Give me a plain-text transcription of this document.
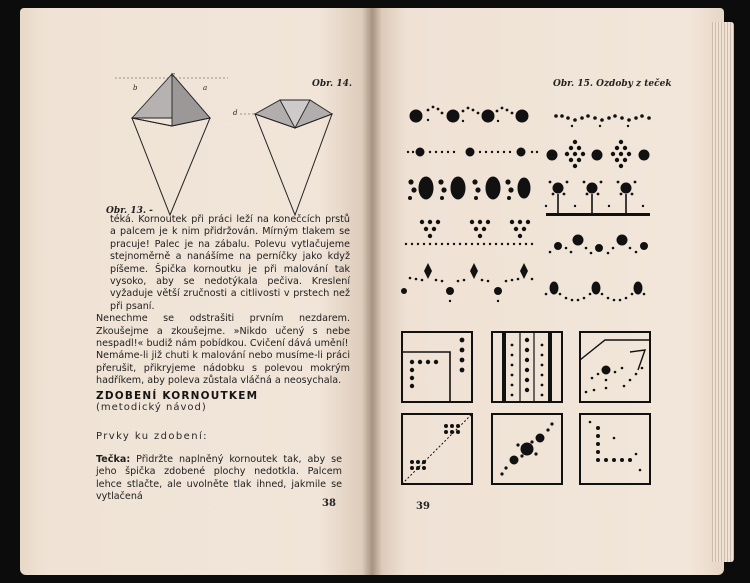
b	a
c
d
Obr. 14.
Obr. 13. -

téká. Kornoutek při práci leží na konečcích prstů a palcem je k nim přidržován. Mírným tlakem se pracuje! Palec je na zábalu. Polevu vytlačujeme stejnoměrně a nanášíme na perníčky jako když píšeme. Špička kornoutku je při malování tak vysoko, aby se nedotýkala pečiva. Kreslení vyžaduje větší zručnosti a citlivosti v prstech než při psaní.

Nenechme se odstrašiti prvním nezdarem. Zkoušejme a zkoušejme. »Nikdo učený s nebe nespadl!« budiž nám pobídkou. Cvičení dává umění!

Nemáme-li již chuti k malování nebo musíme-li práci přerušit, přikryjeme nádobku s polevou mokrým hadříkem, aby poleva zůstala vláčná a neosychala.

ZDOBENÍ KORNOUTKEM
(metodický návod)
Prvky ku zdobení:
Tečka: Přidržte naplněný kornoutek tak, aby se jeho špička zdobené plochy nedotkla. Palcem lehce stlačte, ale uvolněte tlak ihned, jakmile se vytlačená
38
Obr. 15. Ozdoby z teček
39
